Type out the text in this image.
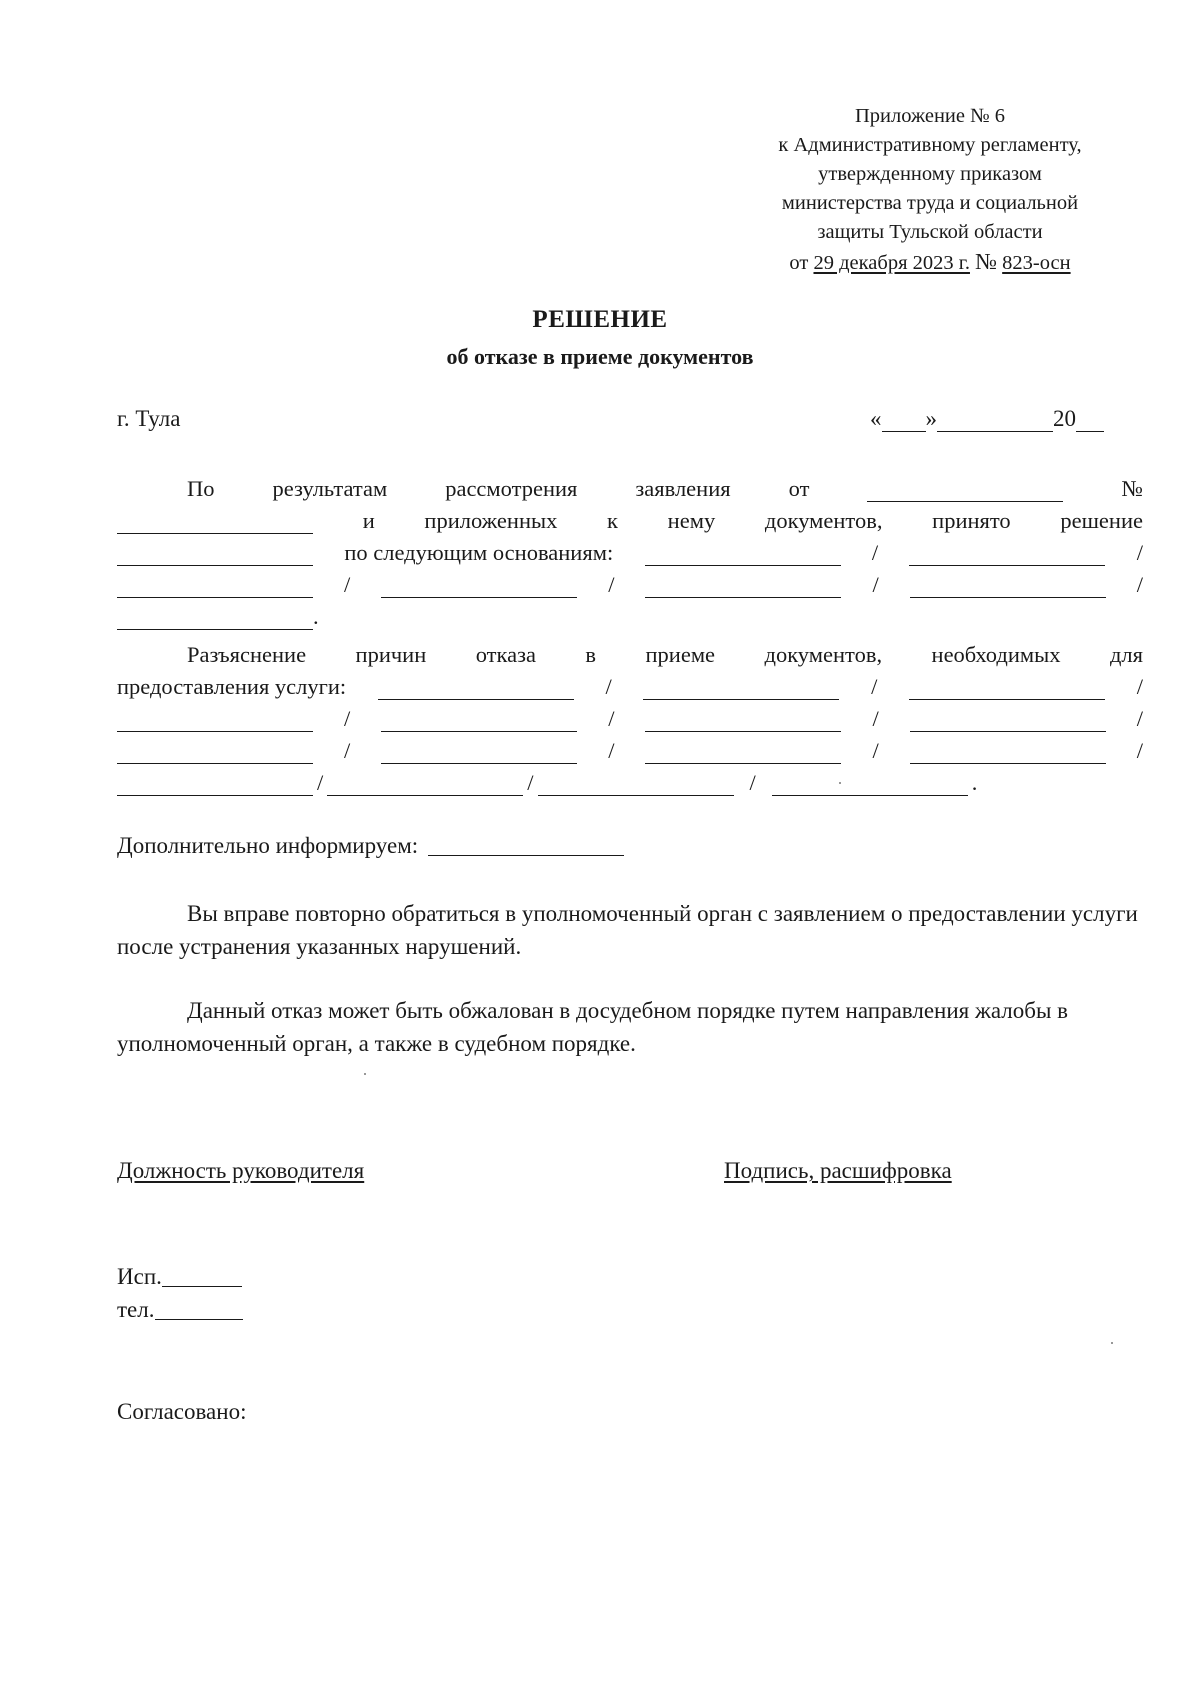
Приложение № 6
к Административному регламенту,
утвержденному приказом
министерства труда и социальной
защиты Тульской области
от 29 декабря 2023 г. № 823-осн
РЕШЕНИЕ
об отказе в приеме документов
г. Тула	« »	20
По	результатам	рассмотрения	заявления	от	№
и приложенных к нему документов, принято решение
по следующим основаниям:	/	/
/	/	/	/
.
Разъяснение причин отказа в приеме документов, необходимых для
предоставления услуги:	/	/	/
/	/	/	/
/	/	/	/
/	/	/	.
Дополнительно информируем:
Вы вправе повторно обратиться в уполномоченный орган с заявлением о предоставлении услуги после устранения указанных нарушений.
Данный отказ может быть обжалован в досудебном порядке путем направления жалобы в уполномоченный орган, а также в судебном порядке.
Должность руководителя	Подпись, расшифровка
Исп.
тел.
Согласовано:
